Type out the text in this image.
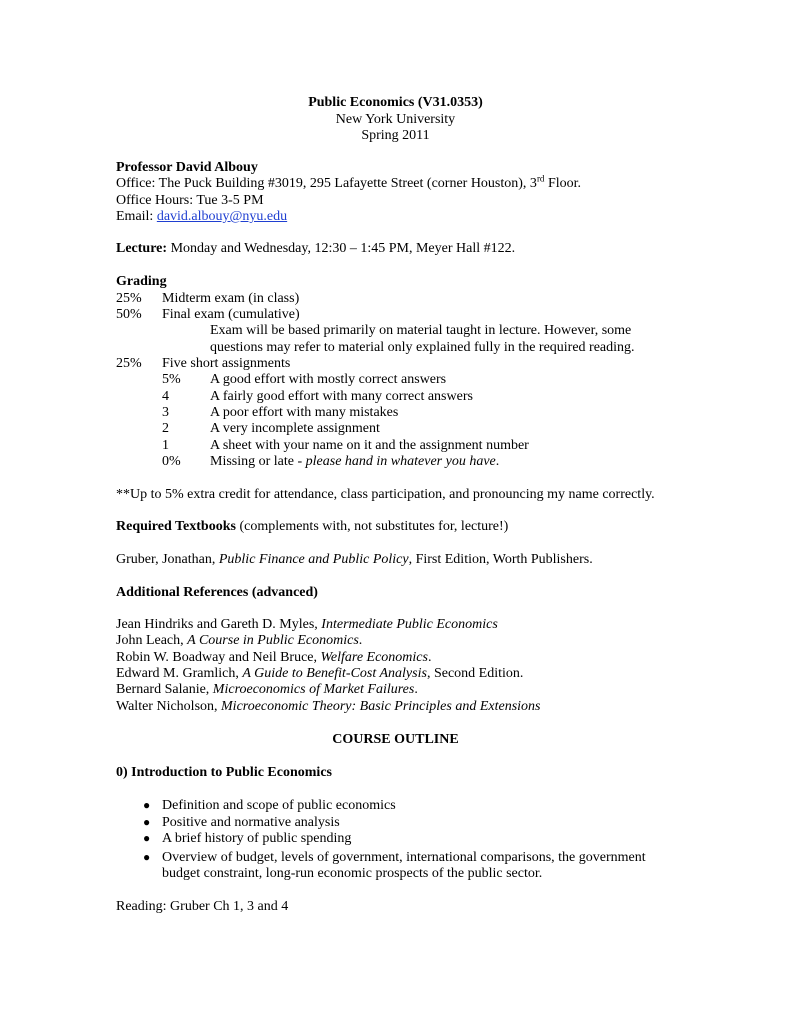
Public Economics (V31.0353)
New York University
Spring 2011
Professor David Albouy
Office: The Puck Building #3019, 295 Lafayette Street (corner Houston), 3rd Floor.
Office Hours: Tue 3-5 PM
Email: david.albouy@nyu.edu
Lecture: Monday and Wednesday, 12:30 – 1:45 PM, Meyer Hall #122.
Grading
25% Midterm exam (in class)
50% Final exam (cumulative)
Exam will be based primarily on material taught in lecture. However, some
questions may refer to material only explained fully in the required reading.
25% Five short assignments
5% A good effort with mostly correct answers
4	A fairly good effort with many correct answers
3	A poor effort with many mistakes
2	A very incomplete assignment
1	A sheet with your name on it and the assignment number
0% Missing or late - please hand in whatever you have.
**Up to 5% extra credit for attendance, class participation, and pronouncing my name correctly.
Required Textbooks (complements with, not substitutes for, lecture!)
Gruber, Jonathan, Public Finance and Public Policy, First Edition, Worth Publishers.
Additional References (advanced)
Jean Hindriks and Gareth D. Myles, Intermediate Public Economics
John Leach, A Course in Public Economics.
Robin W. Boadway and Neil Bruce, Welfare Economics.
Edward M. Gramlich, A Guide to Benefit-Cost Analysis, Second Edition.
Bernard Salanie, Microeconomics of Market Failures.
Walter Nicholson, Microeconomic Theory: Basic Principles and Extensions
COURSE OUTLINE
0) Introduction to Public Economics
● Definition and scope of public economics
● Positive and normative analysis
● A brief history of public spending
● Overview of budget, levels of government, international comparisons, the government
budget constraint, long-run economic prospects of the public sector.
Reading: Gruber Ch 1, 3 and 4
